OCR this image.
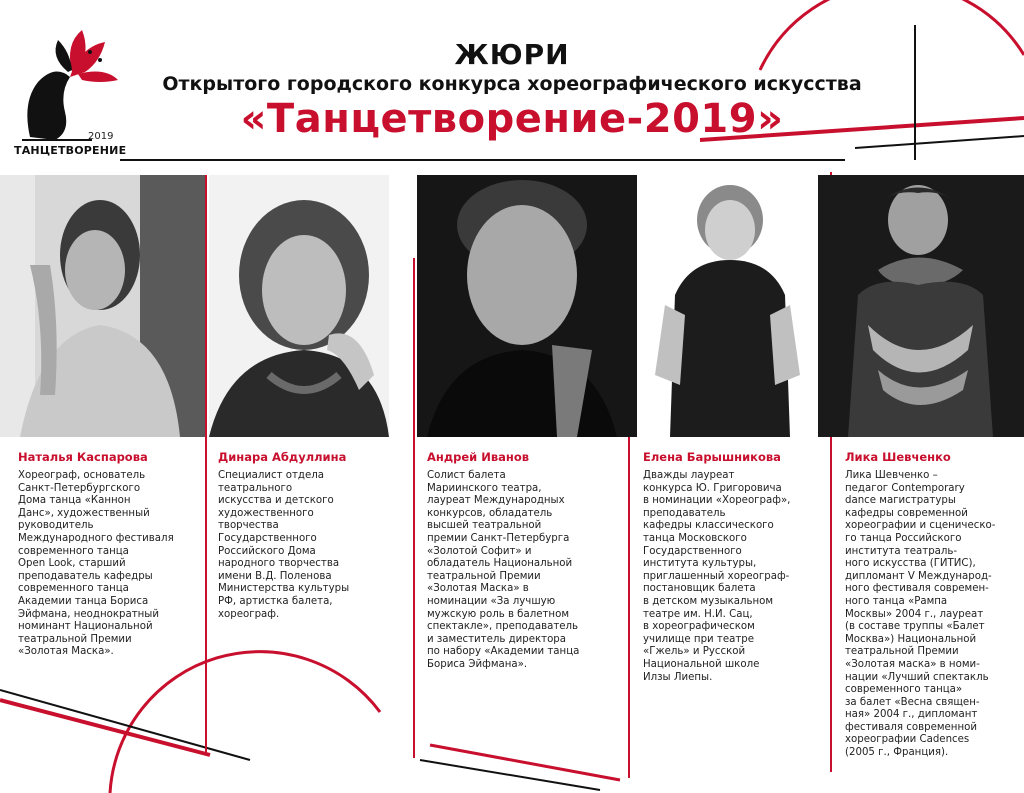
2019
ТАНЦЕТВОРЕНИЕ
ЖЮРИ
Открытого городского конкурса хореографического искусства
«Танцетворение-2019»
Наталья Каспарова
Хореограф, основатель
Санкт-Петербургского
Дома танца «Каннон
Данс», художественный
руководитель
Международного фестиваля
современного танца
Open Look, старший
преподаватель кафедры
современного танца
Академии танца Бориса
Эйфмана, неоднократный
номинант Национальной
театральной Премии
«Золотая Маска».
Динара Абдуллина
Специалист отдела
театрального
искусства и детского
художественного
творчества
Государственного
Российского Дома
народного творчества
имени В.Д. Поленова
Министерства культуры
РФ, артистка балета,
хореограф.
Андрей Иванов
Солист балета
Мариинского театра,
лауреат Международных
конкурсов, обладатель
высшей театральной
премии Санкт-Петербурга
«Золотой Софит» и
обладатель Национальной
театральной Премии
«Золотая Маска» в
номинации «За лучшую
мужскую роль в балетном
спектакле», преподаватель
и заместитель директора
по набору «Академии танца
Бориса Эйфмана».
Елена Барышникова
Дважды лауреат
конкурса Ю. Григоровича
в номинации «Хореограф»,
преподаватель
кафедры классического
танца Московского
Государственного
института культуры,
приглашенный хореограф-
постановщик балета
в детском музыкальном
театре им. Н.И. Сац,
в хореографическом
училище при театре
«Гжель» и Русской
Национальной школе
Илзы Лиепы.
Лика Шевченко
Лика Шевченко –
педагог Contemporary
dance магистратуры
кафедры современной
хореографии и сценическо-
го танца Российского
института театраль-
ного искусства (ГИТИС),
дипломант V Международ-
ного фестиваля современ-
ного танца «Рампа
Москвы» 2004 г., лауреат
(в составе труппы «Балет
Москва») Национальной
театральной Премии
«Золотая маска» в номи-
нации «Лучший спектакль
современного танца»
за балет «Весна священ-
ная» 2004 г., дипломант
фестиваля современной
хореографии Cadences
(2005 г., Франция).
